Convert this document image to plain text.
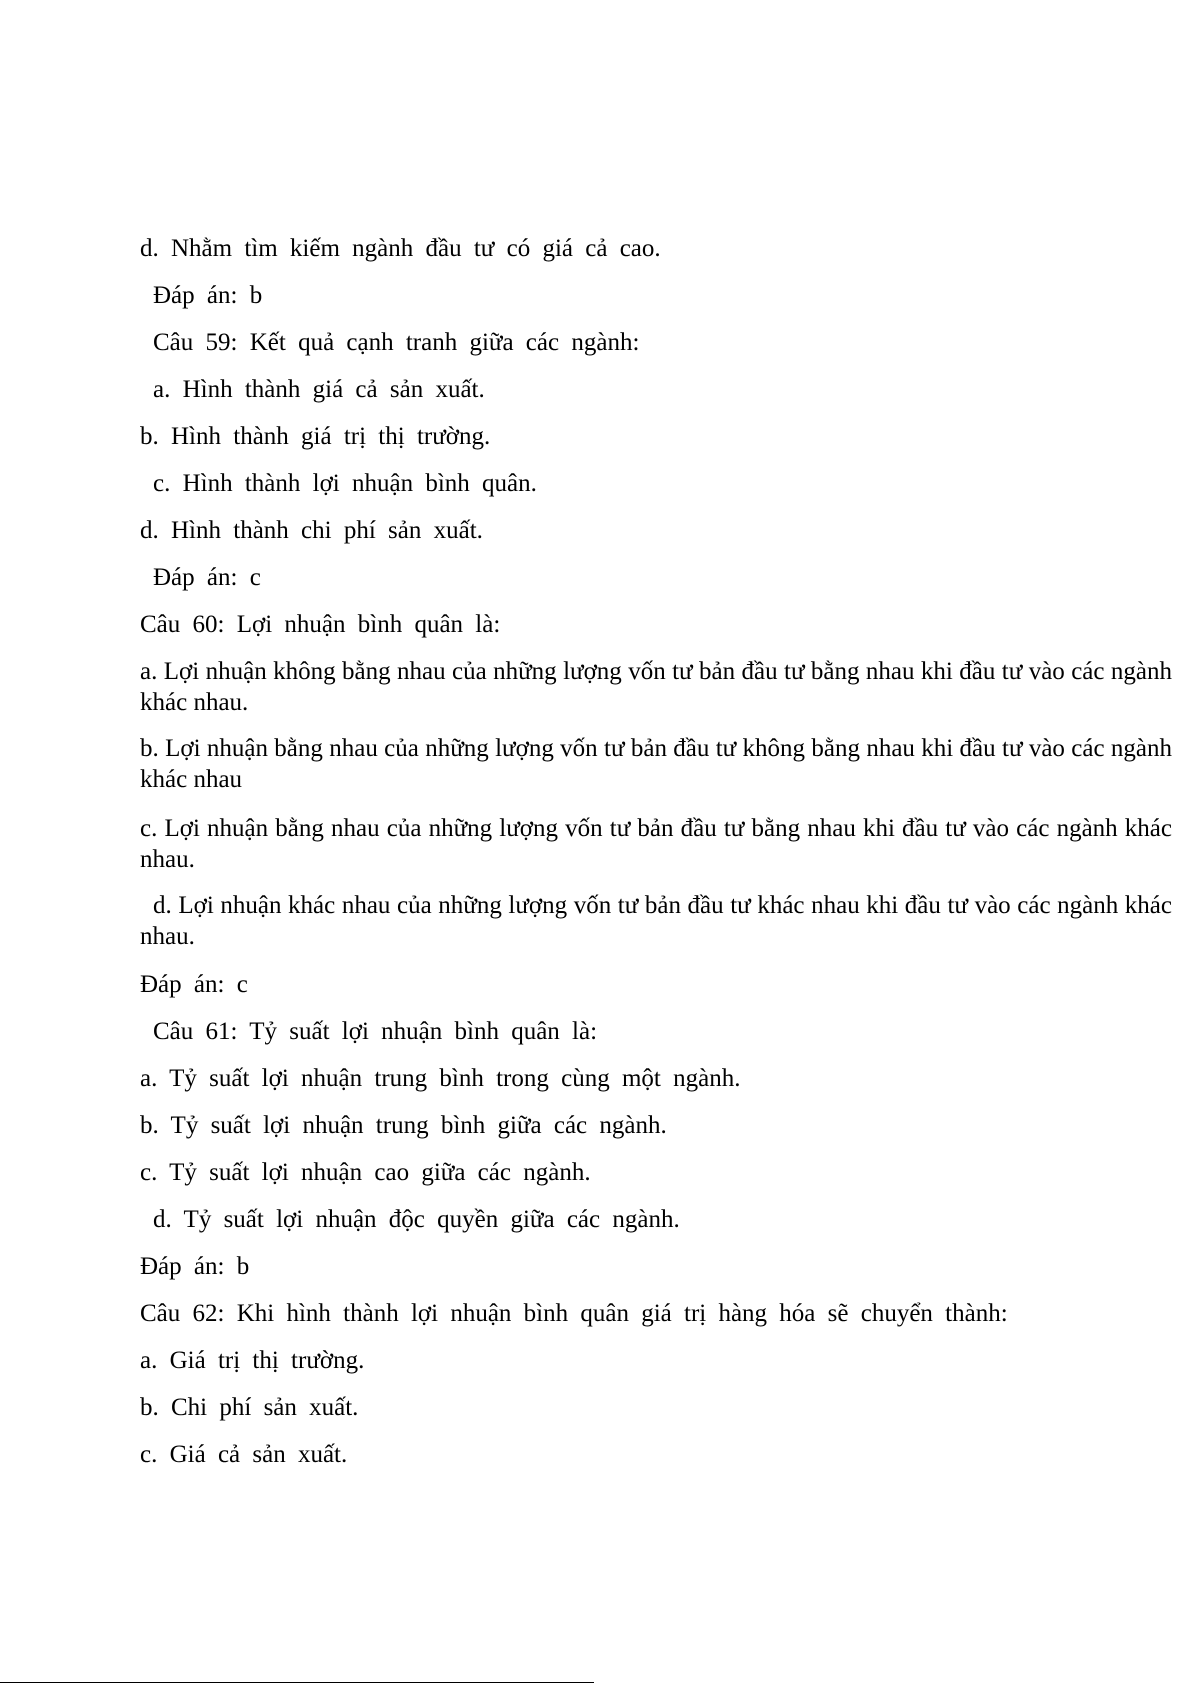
d. Nhằm tìm kiếm ngành đầu tư có giá cả cao.
Đáp án: b
Câu 59: Kết quả cạnh tranh giữa các ngành:
a. Hình thành giá cả sản xuất.
b. Hình thành giá trị thị trường.
c. Hình thành lợi nhuận bình quân.
d. Hình thành chi phí sản xuất.
Đáp án: c
Câu 60: Lợi nhuận bình quân là:
a. Lợi nhuận không bằng nhau của những lượng vốn tư bản đầu tư bằng nhau khi đầu tư vào các ngành khác nhau.
b. Lợi nhuận bằng nhau của những lượng vốn tư bản đầu tư không bằng nhau khi đầu tư vào các ngành khác nhau
c. Lợi nhuận bằng nhau của những lượng vốn tư bản đầu tư bằng nhau khi đầu tư vào các ngành khác nhau.
d. Lợi nhuận khác nhau của những lượng vốn tư bản đầu tư khác nhau khi đầu tư vào các ngành khác nhau.
Đáp án: c
Câu 61: Tỷ suất lợi nhuận bình quân là:
a. Tỷ suất lợi nhuận trung bình trong cùng một ngành.
b. Tỷ suất lợi nhuận trung bình giữa các ngành.
c. Tỷ suất lợi nhuận cao giữa các ngành.
d. Tỷ suất lợi nhuận độc quyền giữa các ngành.
Đáp án: b
Câu 62: Khi hình thành lợi nhuận bình quân giá trị hàng hóa sẽ chuyển thành:
a. Giá trị thị trường.
b. Chi phí sản xuất.
c. Giá cả sản xuất.
